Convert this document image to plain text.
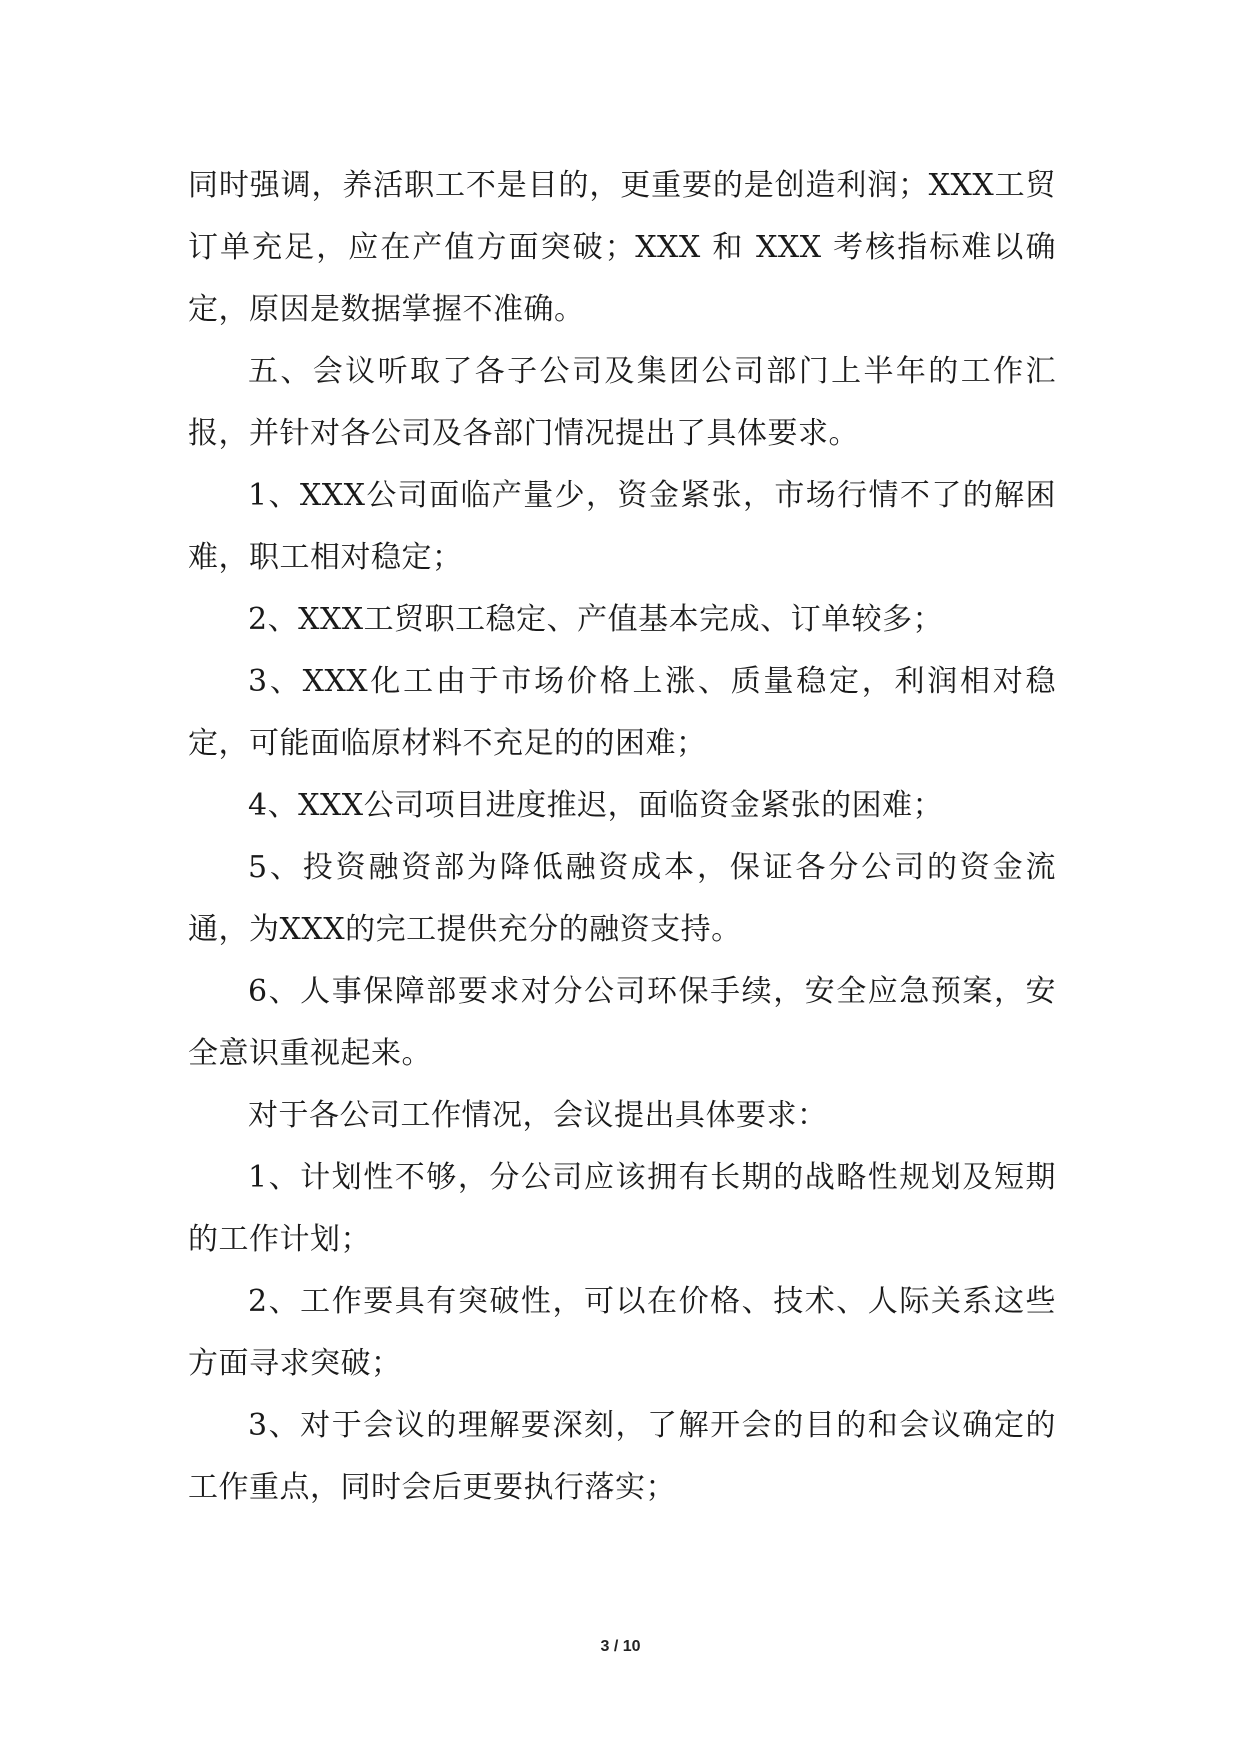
同时强调，养活职工不是目的，更重要的是创造利润；XXX工贸订单充足，应在产值方面突破；XXX 和 XXX 考核指标难以确定，原因是数据掌握不准确。

五、会议听取了各子公司及集团公司部门上半年的工作汇报，并针对各公司及各部门情况提出了具体要求。

1、XXX公司面临产量少，资金紧张，市场行情不了的解困难，职工相对稳定；

2、XXX工贸职工稳定、产值基本完成、订单较多；

3、XXX化工由于市场价格上涨、质量稳定，利润相对稳定，可能面临原材料不充足的的困难；

4、XXX公司项目进度推迟，面临资金紧张的困难；

5、投资融资部为降低融资成本，保证各分公司的资金流通，为XXX的完工提供充分的融资支持。

6、人事保障部要求对分公司环保手续，安全应急预案，安全意识重视起来。

对于各公司工作情况，会议提出具体要求：

1、计划性不够，分公司应该拥有长期的战略性规划及短期的工作计划；

2、工作要具有突破性，可以在价格、技术、人际关系这些方面寻求突破；

3、对于会议的理解要深刻，了解开会的目的和会议确定的工作重点，同时会后更要执行落实；

3 / 10
